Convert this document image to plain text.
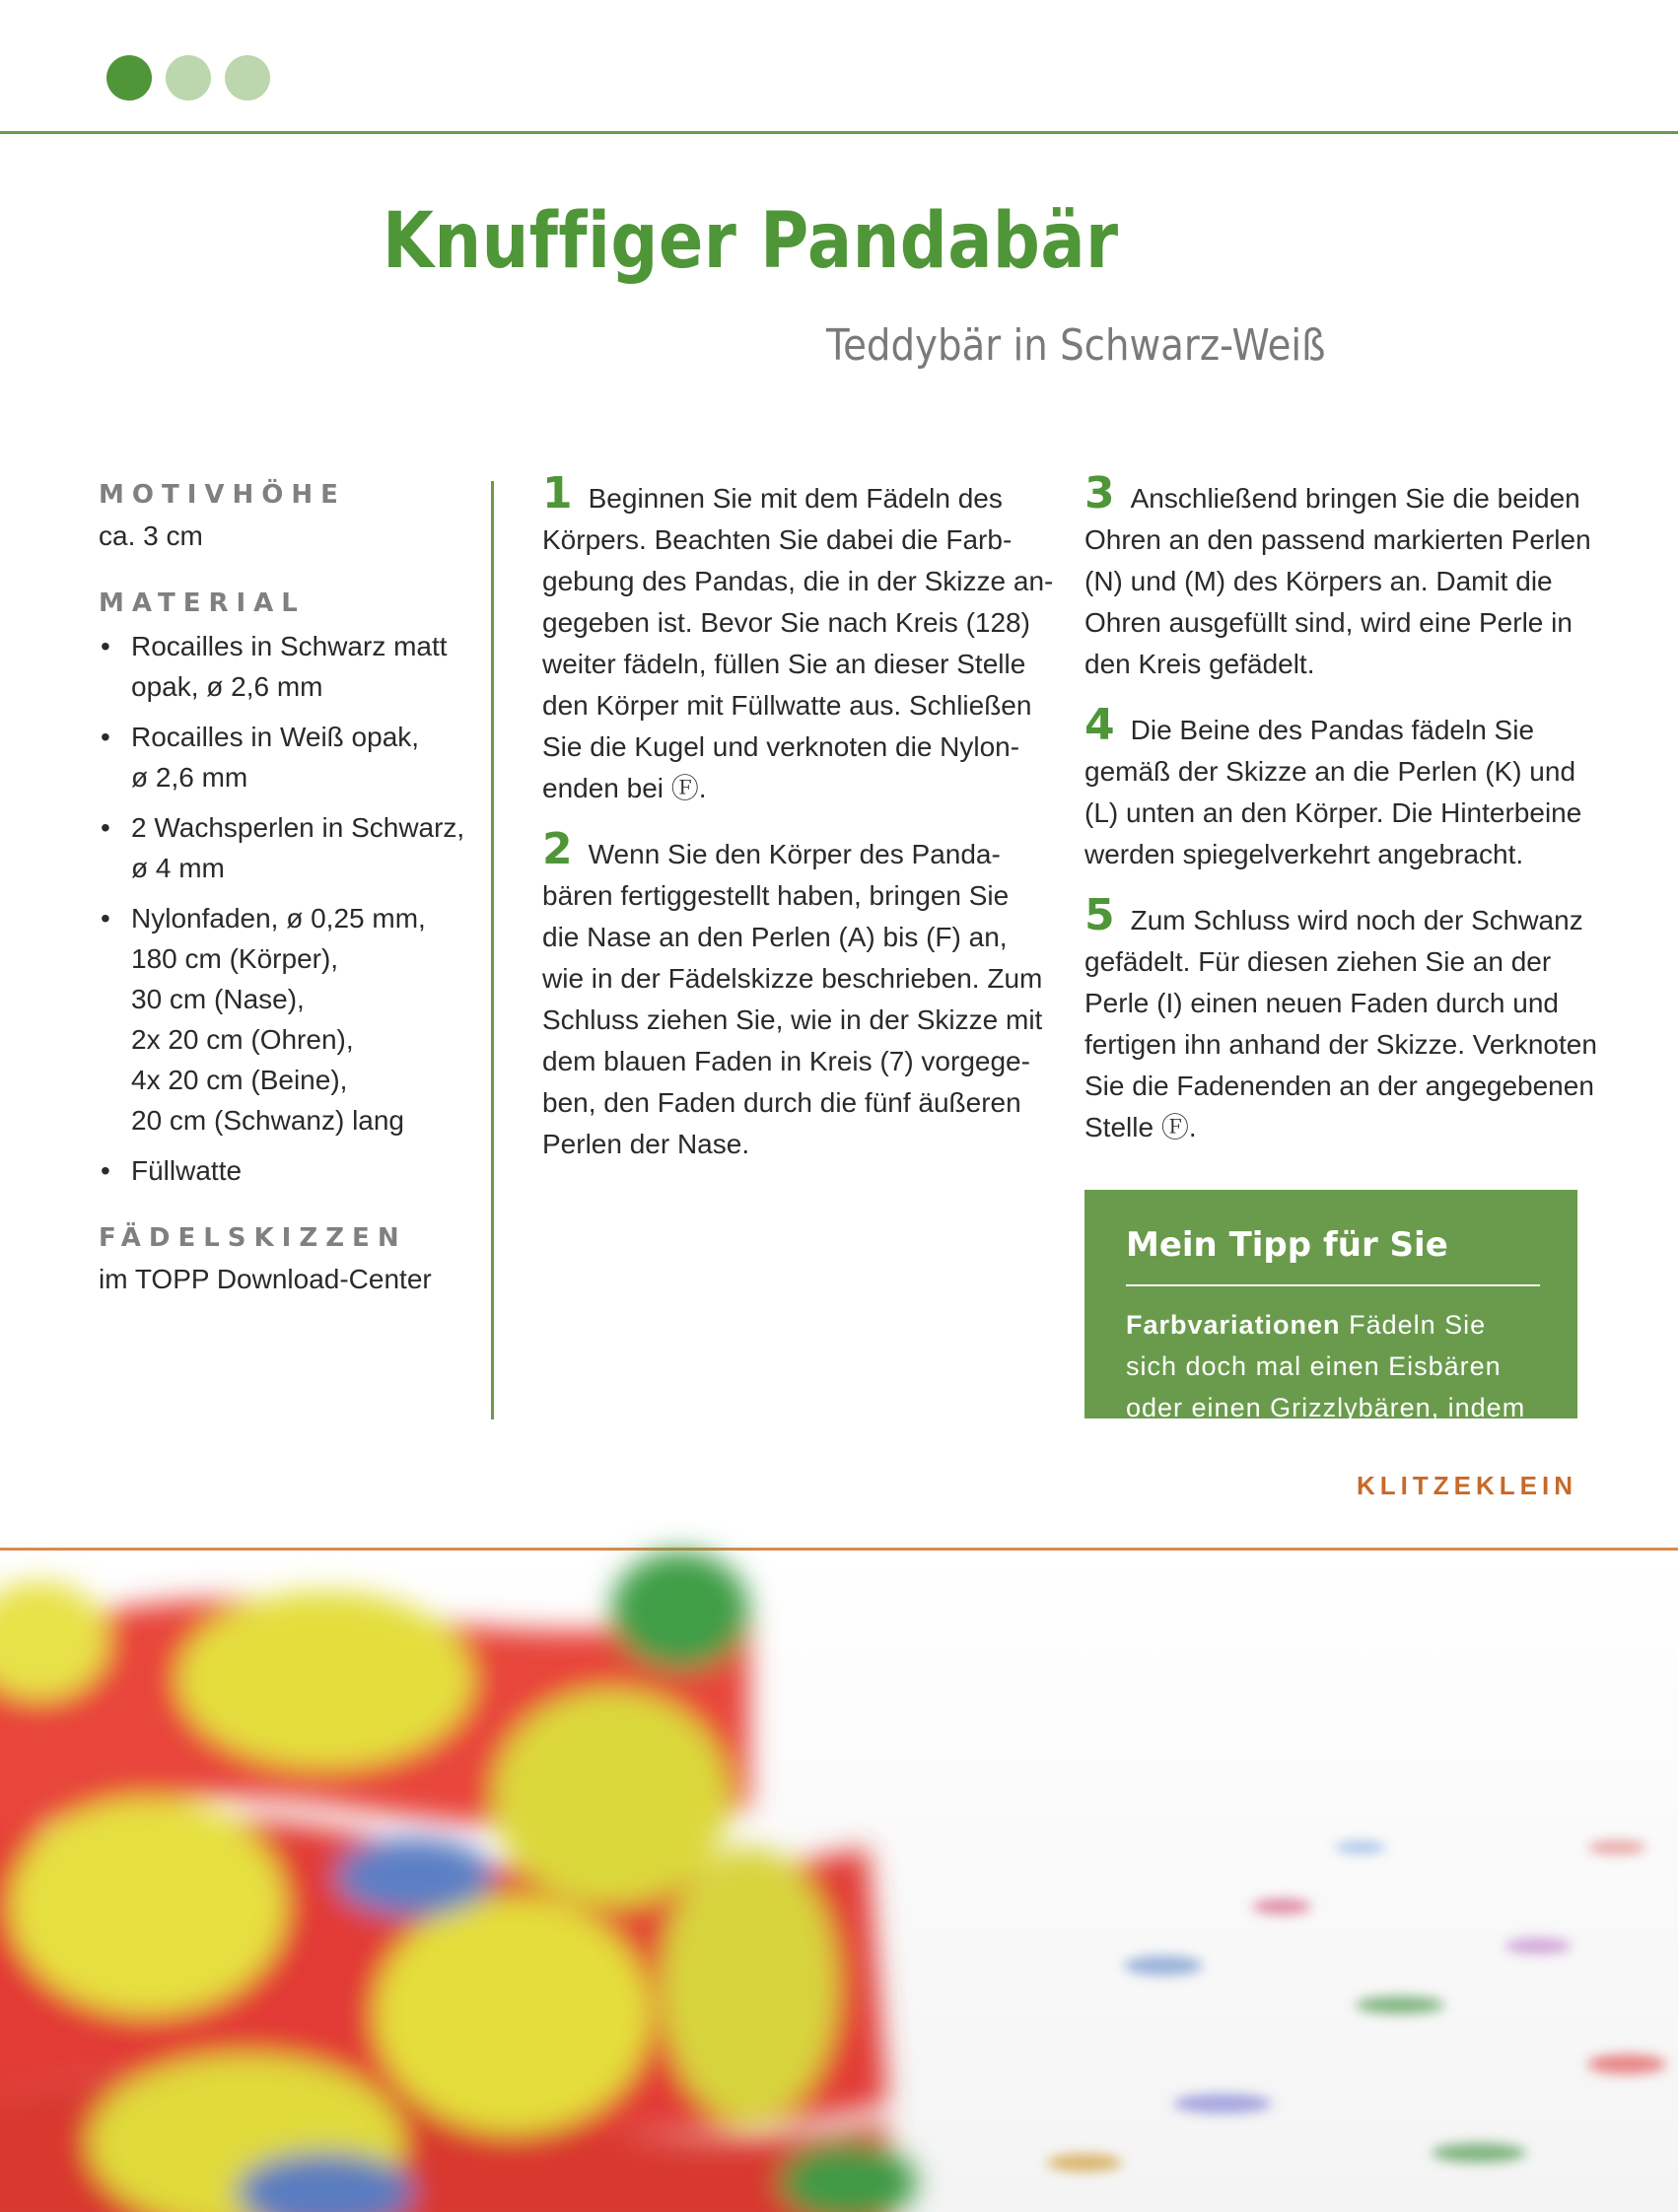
Knuffiger Pandabär
Teddybär in Schwarz-Weiß
MOTIVHÖHE

ca. 3 cm

MATERIAL
• Rocailles in Schwarz matt
opak, ø 2,6 mm
• Rocailles in Weiß opak,
ø 2,6 mm
• 2 Wachsperlen in Schwarz,
ø 4 mm
• Nylonfaden, ø 0,25 mm,
180 cm (Körper),
30 cm (Nase),
2x 20 cm (Ohren),
4x 20 cm (Beine),
20 cm (Schwanz) lang
• Füllwatte
FÄDELSKIZZEN

im TOPP Download-Center

1 Beginnen Sie mit dem Fädeln des
Körpers. Beachten Sie dabei die Farb-
gebung des Pandas, die in der Skizze an-
gegeben ist. Bevor Sie nach Kreis (128)
weiter fädeln, füllen Sie an dieser Stelle
den Körper mit Füllwatte aus. Schließen
Sie die Kugel und verknoten die Nylon-
enden bei Ⓕ.
2 Wenn Sie den Körper des Panda-
bären fertiggestellt haben, bringen Sie
die Nase an den Perlen (A) bis (F) an,
wie in der Fädelskizze beschrieben. Zum
Schluss ziehen Sie, wie in der Skizze mit
dem blauen Faden in Kreis (7) vorgege-
ben, den Faden durch die fünf äußeren
Perlen der Nase.
3 Anschließend bringen Sie die beiden
Ohren an den passend markierten Perlen
(N) und (M) des Körpers an. Damit die
Ohren ausgefüllt sind, wird eine Perle in
den Kreis gefädelt.
4 Die Beine des Pandas fädeln Sie
gemäß der Skizze an die Perlen (K) und
(L) unten an den Körper. Die Hinterbeine
werden spiegelverkehrt angebracht.
5 Zum Schluss wird noch der Schwanz
gefädelt. Für diesen ziehen Sie an der
Perle (I) einen neuen Faden durch und
fertigen ihn anhand der Skizze. Verknoten
Sie die Fadenenden an der angegebenen
Stelle Ⓕ.
Mein Tipp für Sie
Farbvariationen Fädeln Sie sich doch mal einen Eisbären oder einen Grizzlybären, indem Sie
KLITZEKLEIN
